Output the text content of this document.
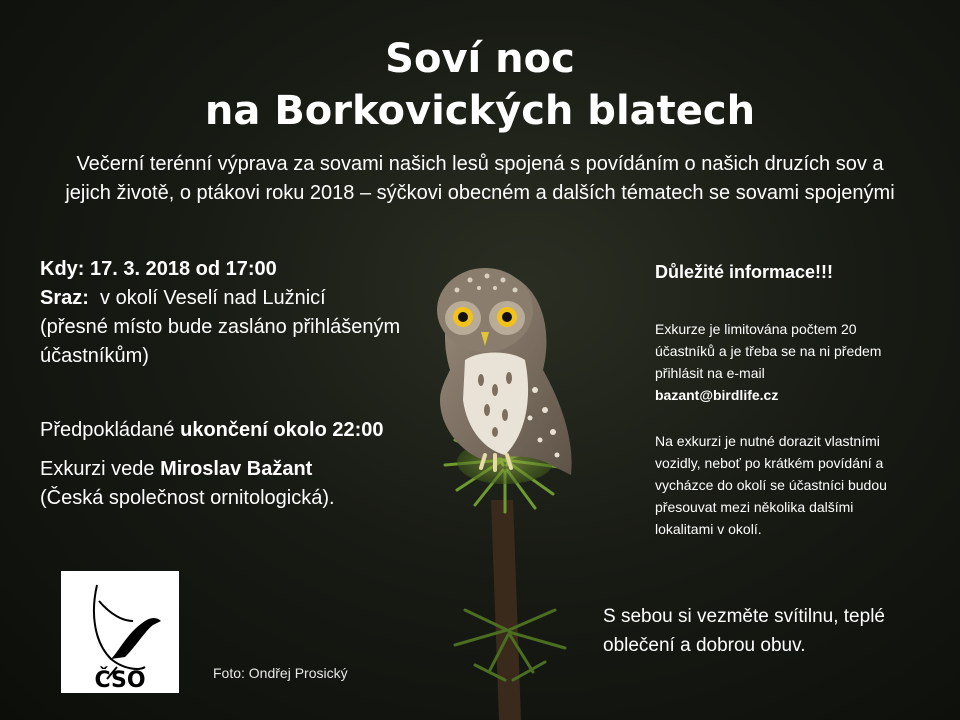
Soví noc
na Borkovických blatech

Večerní terénní výprava za sovami našich lesů spojená s povídáním o našich druzích sov a jejich životě, o ptákovi roku 2018 – sýčkovi obecném a dalších tématech se sovami spojenými

Kdy: 17. 3. 2018 od 17:00

Sraz:  v okolí Veselí nad Lužnicí

(přesné místo bude zasláno přihlášeným účastníkům)

Předpokládané ukončení okolo 22:00

Exkurzi vede Miroslav Bažant

(Česká společnost ornitologická).

Důležité informace!!!

Exkurze je limitována počtem 20 účastníků a je třeba se na ni předem přihlásit na e-mail
bazant@birdlife.cz

Na exkurzi je nutné dorazit vlastními vozidly, neboť po krátkém povídání a vycházce do okolí se účastníci budou přesouvat mezi několika dalšími lokalitami v okolí.

S sebou si vezměte svítilnu, teplé oblečení a dobrou obuv.

ČSO	Foto: Ondřej Prosický
